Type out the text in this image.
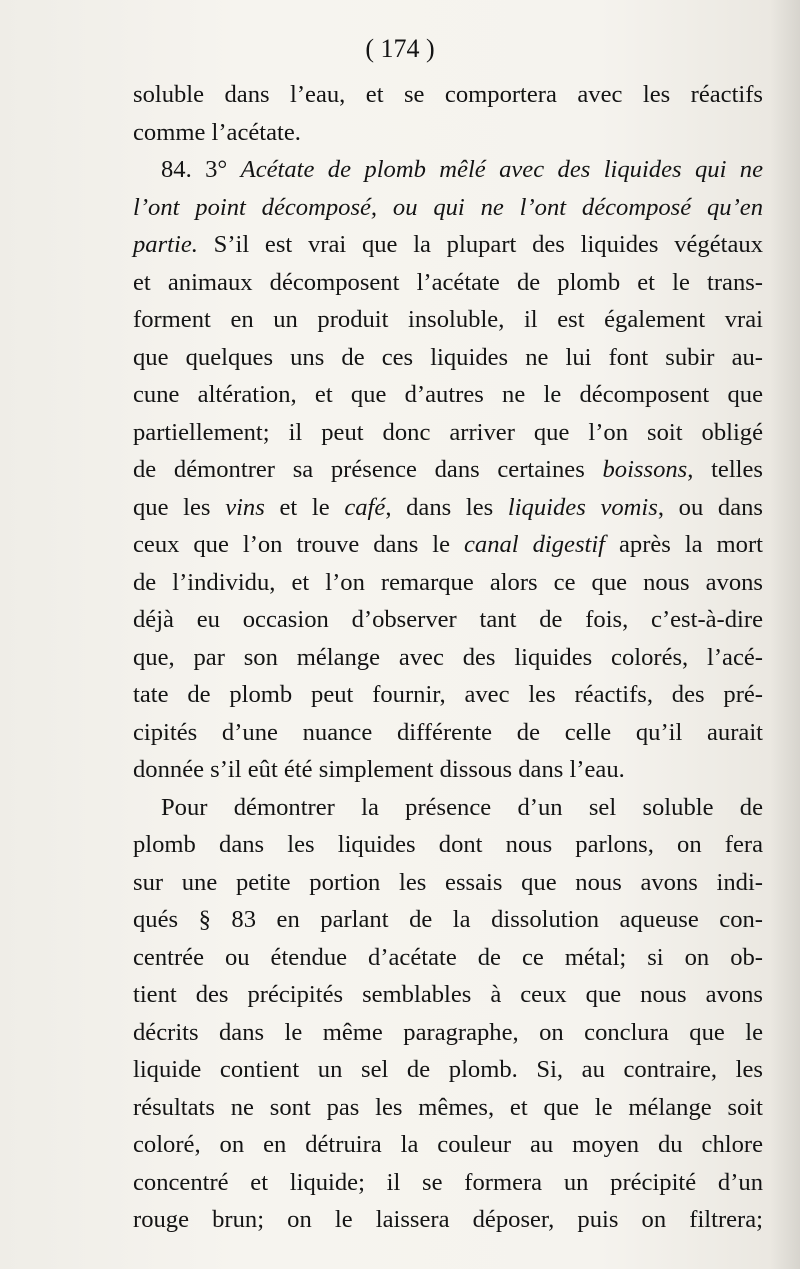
( 174 )
soluble dans l’eau, et se comportera avec les réactifs
comme l’acétate.
84. 3° Acétate de plomb mêlé avec des liquides qui ne
l’ont point décomposé, ou qui ne l’ont décomposé qu’en
partie. S’il est vrai que la plupart des liquides végétaux
et animaux décomposent l’acétate de plomb et le trans-
forment en un produit insoluble, il est également vrai
que quelques uns de ces liquides ne lui font subir au-
cune altération, et que d’autres ne le décomposent que
partiellement; il peut donc arriver que l’on soit obligé
de démontrer sa présence dans certaines boissons, telles
que les vins et le café, dans les liquides vomis, ou dans
ceux que l’on trouve dans le canal digestif après la mort
de l’individu, et l’on remarque alors ce que nous avons
déjà eu occasion d’observer tant de fois, c’est-à-dire
que, par son mélange avec des liquides colorés, l’acé-
tate de plomb peut fournir, avec les réactifs, des pré-
cipités d’une nuance différente de celle qu’il aurait
donnée s’il eût été simplement dissous dans l’eau.
Pour démontrer la présence d’un sel soluble de
plomb dans les liquides dont nous parlons, on fera
sur une petite portion les essais que nous avons indi-
qués § 83 en parlant de la dissolution aqueuse con-
centrée ou étendue d’acétate de ce métal; si on ob-
tient des précipités semblables à ceux que nous avons
décrits dans le même paragraphe, on conclura que le
liquide contient un sel de plomb. Si, au contraire, les
résultats ne sont pas les mêmes, et que le mélange soit
coloré, on en détruira la couleur au moyen du chlore
concentré et liquide; il se formera un précipité d’un
rouge brun; on le laissera déposer, puis on filtrera;
